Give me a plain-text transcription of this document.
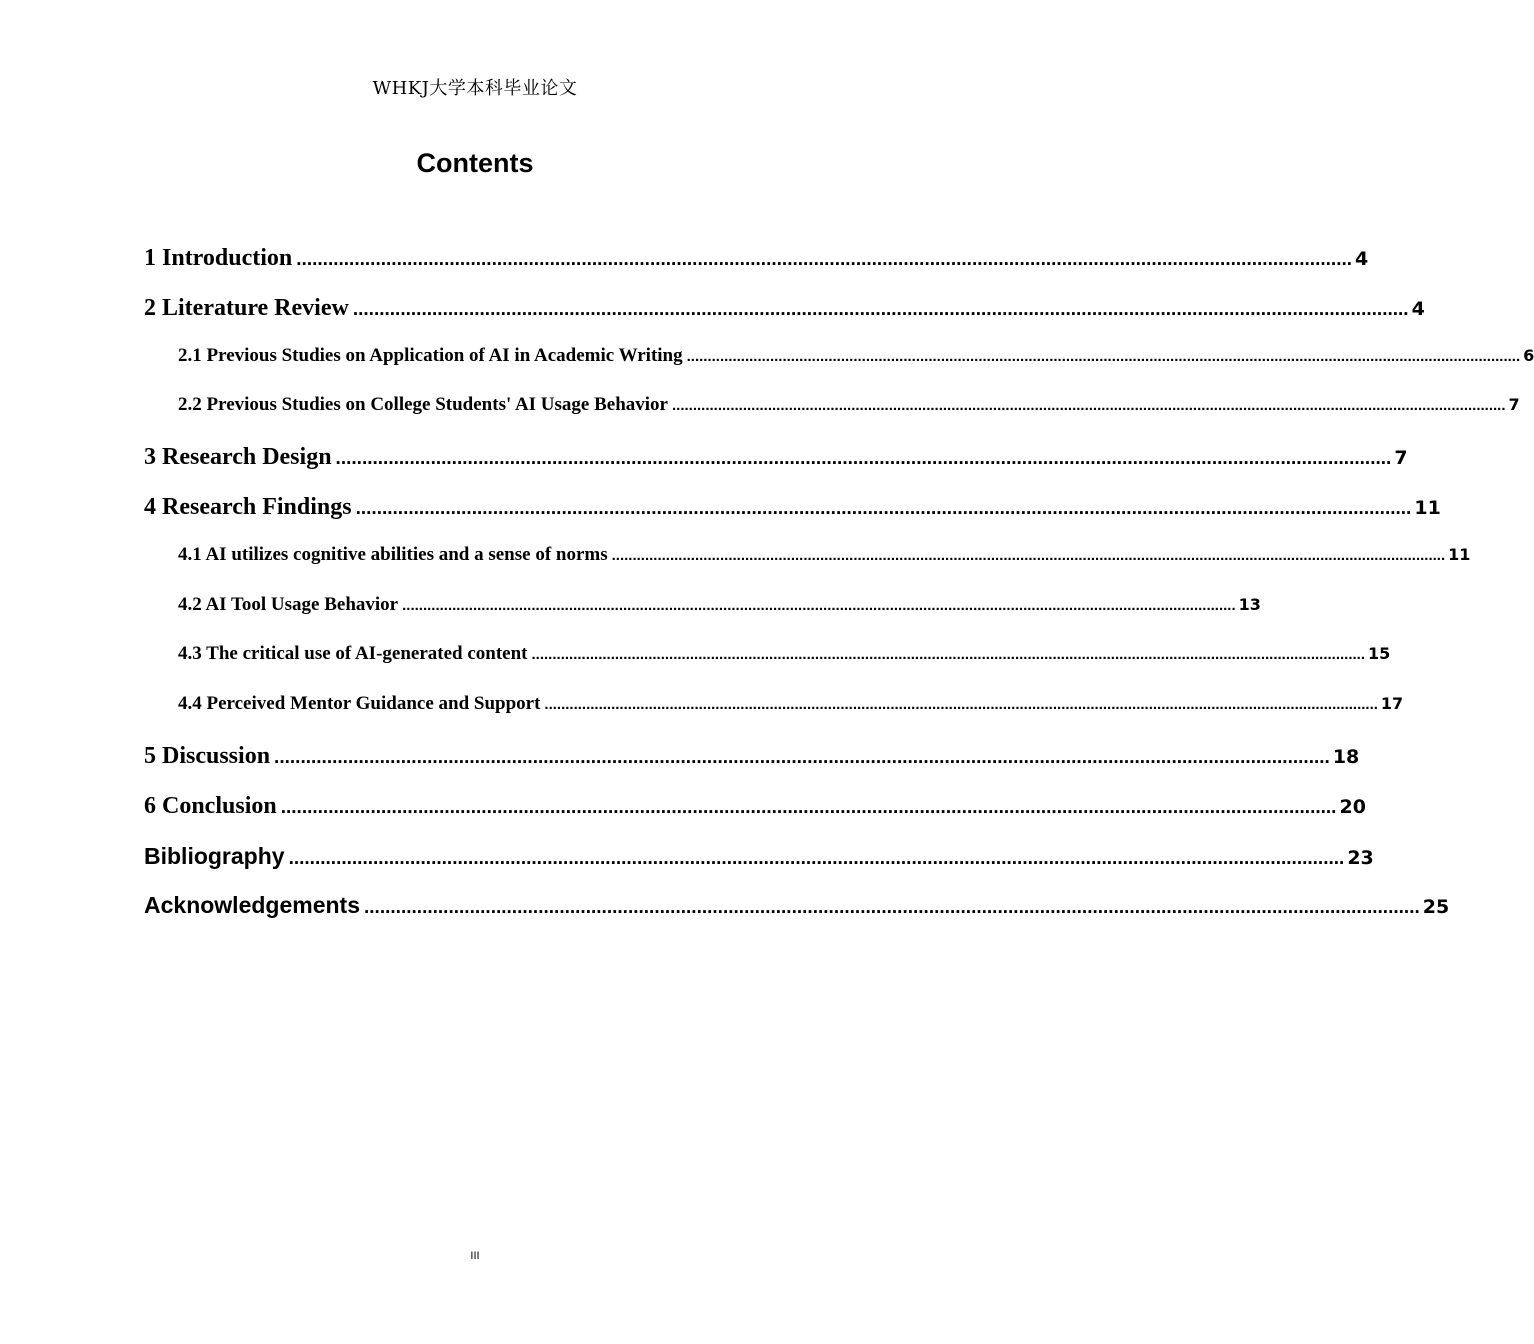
WHKJ大学本科毕业论文
Contents
1 Introduction ........................................................................................................................................................................................................ 4
2 Literature Review ........................................................................................................................................................................................................ 4
2.1 Previous Studies on Application of AI in Academic Writing ........................................................................................................................................................................................................ 6
2.2 Previous Studies on College Students' AI Usage Behavior ........................................................................................................................................................................................................ 7
3 Research Design ........................................................................................................................................................................................................ 7
4 Research Findings ........................................................................................................................................................................................................ 11
4.1 AI utilizes cognitive abilities and a sense of norms ........................................................................................................................................................................................................ 11
4.2 AI Tool Usage Behavior ........................................................................................................................................................................................................ 13
4.3 The critical use of AI-generated content ........................................................................................................................................................................................................ 15
4.4 Perceived Mentor Guidance and Support ........................................................................................................................................................................................................ 17
5 Discussion ........................................................................................................................................................................................................ 18
6 Conclusion ........................................................................................................................................................................................................ 20
Bibliography ........................................................................................................................................................................................................ 23
Acknowledgements ........................................................................................................................................................................................................ 25
III
